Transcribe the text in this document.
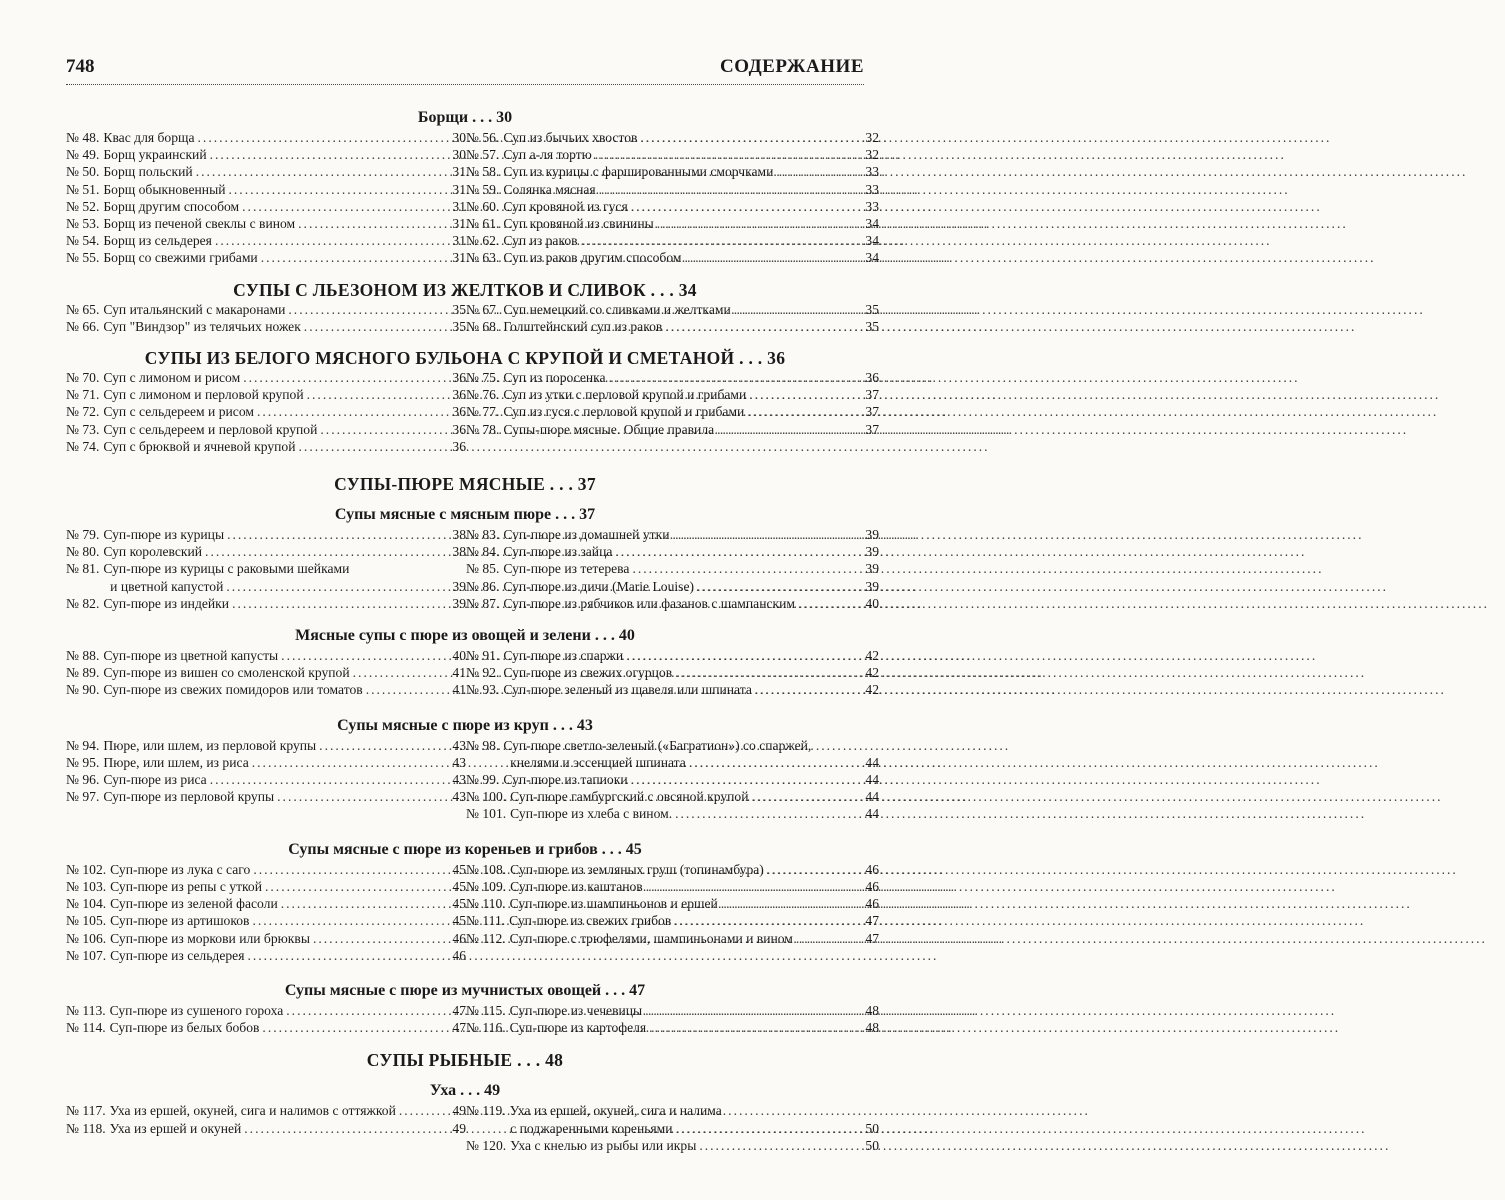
748	СОДЕРЖАНИЕ
Борщи . . . 30
№ 48. Квас для борща .....	30
№ 49. Борщ украинский .....	30
№ 50. Борщ польский .....	31
№ 51. Борщ обыкновенный .....	31
№ 52. Борщ другим способом .....	31
№ 53. Борщ из печеной свеклы с вином .....	31
№ 54. Борщ из сельдерея .....	31
№ 55. Борщ со свежими грибами .....	31
№ 56. Суп из бычьих хвостов .....	32
№ 57. Суп а-ля тортю .....	32
№ 58. Суп из курицы с фаршированными сморчками .....	33
№ 59. Солянка мясная .....	33
№ 60. Суп кровяной из гуся .....	33
№ 61. Суп кровяной из свинины .....	34
№ 62. Суп из раков .....	34
№ 63. Суп из раков другим способом .....	34
СУПЫ С ЛЬЕЗОНОМ ИЗ ЖЕЛТКОВ И СЛИВОК . . . 34
№ 65. Суп итальянский с макаронами .....	35
№ 66. Суп "Виндзор" из телячьих ножек .....	35
№ 67. Суп немецкий со сливками и желтками .....	35
№ 68. Голштейнский суп из раков .....	35
СУПЫ ИЗ БЕЛОГО МЯСНОГО БУЛЬОНА С КРУПОЙ И СМЕТАНОЙ . . . 36
№ 70. Суп с лимоном и рисом .....	36
№ 71. Суп с лимоном и перловой крупой .....	36
№ 72. Суп с сельдереем и рисом .....	36
№ 73. Суп с сельдереем и перловой крупой .....	36
№ 74. Суп с брюквой и ячневой крупой .....	36
№ 75. Суп из поросенка .....	36
№ 76. Суп из утки с перловой крупой и грибами .....	37
№ 77. Суп из гуся с перловой крупой и грибами .....	37
№ 78. Супы-пюре мясные. Общие правила .....	37
СУПЫ-ПЮРЕ МЯСНЫЕ . . . 37
Супы мясные с мясным пюре . . . 37
№ 79. Суп-пюре из курицы .....	38
№ 80. Суп королевский .....	38
№ 81. Суп-пюре из курицы с раковыми шейками
и цветной капустой .....	39
№ 82. Суп-пюре из индейки .....	39
№ 83. Суп-пюре из домашней утки .....	39
№ 84. Суп-пюре из зайца .....	39
№ 85. Суп-пюре из тетерева .....	39
№ 86. Суп-пюре из дичи (Marie Louise) .....	39
№ 87. Суп-пюре из рябчиков или фазанов с шампанским .....	40
Мясные супы с пюре из овощей и зелени . . . 40
№ 88. Суп-пюре из цветной капусты .....	40
№ 89. Суп-пюре из вишен со смоленской крупой .....	41
№ 90. Суп-пюре из свежих помидоров или томатов .....	41
№ 91. Суп-пюре из спаржи .....	42
№ 92. Суп-пюре из свежих огурцов .....	42
№ 93. Суп-пюре зеленый из щавеля или шпината .....	42
Супы мясные с пюре из круп . . . 43
№ 94. Пюре, или шлем, из перловой крупы .....	43
№ 95. Пюре, или шлем, из риса .....	43
№ 96. Суп-пюре из риса .....	43
№ 97. Суп-пюре из перловой крупы .....	43
№ 98. Суп-пюре светло-зеленый («Багратион») со спаржей,
кнелями и эссенцией шпината .....	44
№ 99. Суп-пюре из тапиоки .....	44
№ 100. Суп-пюре гамбургский с овсяной крупой .....	44
№ 101. Суп-пюре из хлеба с вином. .....	44
Супы мясные с пюре из кореньев и грибов . . . 45
№ 102. Суп-пюре из лука с саго .....	45
№ 103. Суп-пюре из репы с уткой .....	45
№ 104. Суп-пюре из зеленой фасоли .....	45
№ 105. Суп-пюре из артишоков .....	45
№ 106. Суп-пюре из моркови или брюквы .....	46
№ 107. Суп-пюре из сельдерея .....	46
№ 108. Суп-пюре из земляных груш (топинамбура) .....	46
№ 109. Суп-пюре из каштанов .....	46
№ 110. Суп-пюре из шампиньонов и ершей .....	46
№ 111. Суп-пюре из свежих грибов .....	47
№ 112. Суп-пюре с трюфелями, шампиньонами и вином .....	47
Супы мясные с пюре из мучнистых овощей . . . 47
№ 113. Суп-пюре из сушеного гороха .....	47
№ 114. Суп-пюре из белых бобов .....	47
№ 115. Суп-пюре из чечевицы .....	48
№ 116. Суп-пюре из картофеля .....	48
СУПЫ РЫБНЫЕ . . . 48
Уха . . . 49
№ 117. Уха из ершей, окуней, сига и налимов с оттяжкой .....	49
№ 118. Уха из ершей и окуней .....	49
№ 119. Уха из ершей, окуней, сига и налима
с поджаренными кореньями .....	50
№ 120. Уха с кнелью из рыбы или икры .....	50
